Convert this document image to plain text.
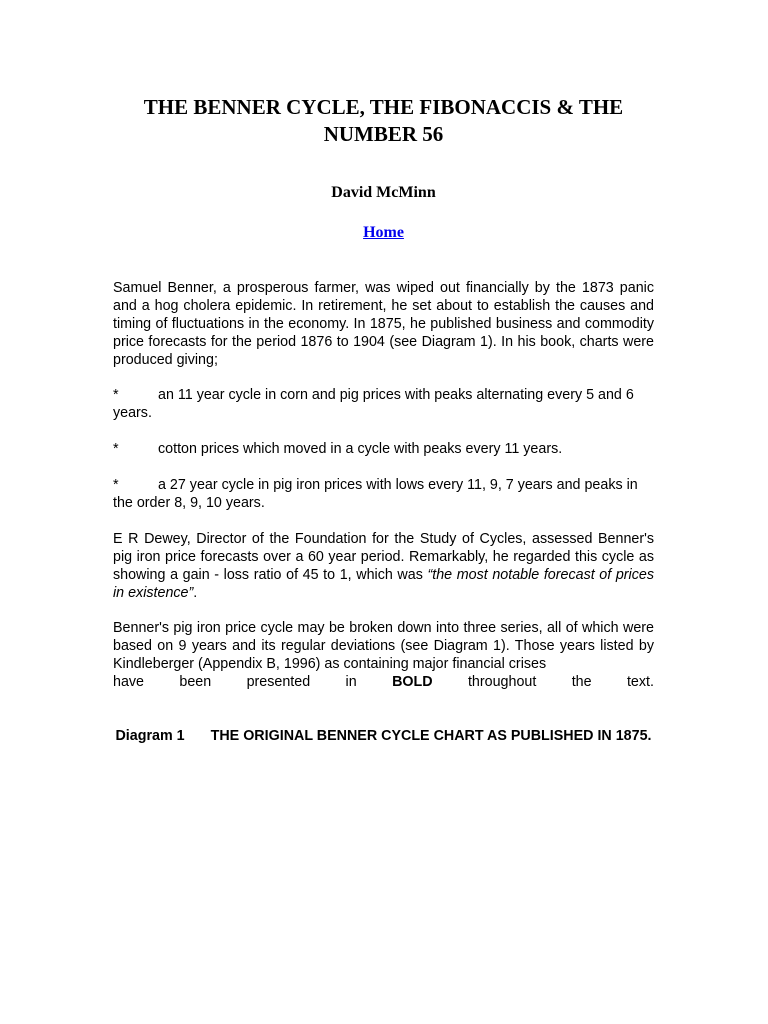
THE BENNER CYCLE, THE FIBONACCIS & THE NUMBER 56

David McMinn

Home

Samuel Benner, a prosperous farmer, was wiped out financially by the 1873 panic and a hog cholera epidemic. In retirement, he set about to establish the causes and timing of fluctuations in the economy. In 1875, he published business and commodity price forecasts for the period 1876 to 1904 (see Diagram 1). In his book, charts were produced giving;

*	an 11 year cycle in corn and pig prices with peaks alternating every 5 and 6 years.

*	cotton prices which moved in a cycle with peaks every 11 years.

*	a 27 year cycle in pig iron prices with lows every 11, 9, 7 years and peaks in the order 8, 9, 10 years.

E R Dewey, Director of the Foundation for the Study of Cycles, assessed Benner's pig iron price forecasts over a 60 year period. Remarkably, he regarded this cycle as showing a gain - loss ratio of 45 to 1, which was “the most notable forecast of prices in existence”.

Benner's pig iron price cycle may be broken down into three series, all of which were based on 9 years and its regular deviations (see Diagram 1). Those years listed by Kindleberger (Appendix B, 1996) as containing major financial crises
have been presented in BOLD throughout the text.

Diagram 1 THE ORIGINAL BENNER CYCLE CHART AS PUBLISHED IN 1875.
